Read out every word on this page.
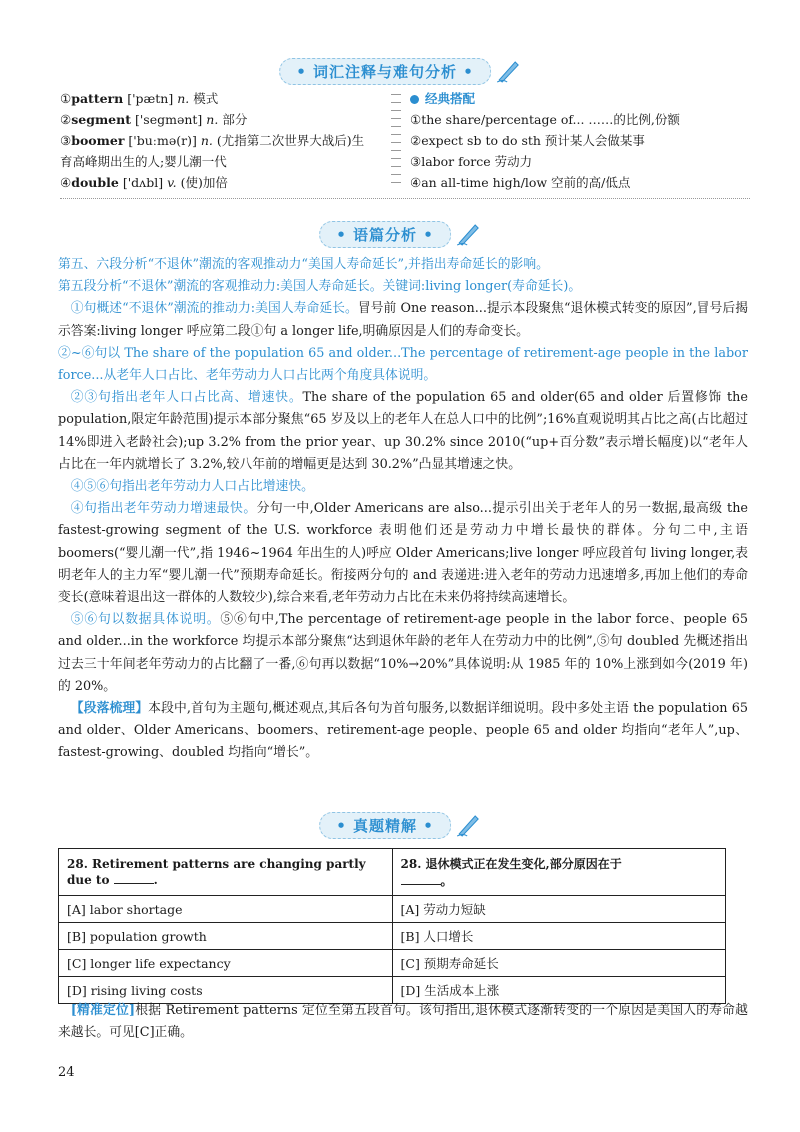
• 词汇注释与难句分析 •
①pattern ['pætn] n. 模式
②segment ['segmənt] n. 部分
③boomer ['buːmə(r)] n. (尤指第二次世界大战后)生
育高峰期出生的人;婴儿潮一代
④double ['dʌbl] v. (使)加倍
经典搭配
①the share/percentage of... ……的比例,份额
②expect sb to do sth 预计某人会做某事
③labor force 劳动力
④an all-time high/low 空前的高/低点
• 语篇分析 •
第五、六段分析“不退休”潮流的客观推动力“美国人寿命延长”,并指出寿命延长的影响。
第五段分析“不退休”潮流的客观推动力:美国人寿命延长。关键词:living longer(寿命延长)。
①句概述“不退休”潮流的推动力:美国人寿命延长。冒号前 One reason...提示本段聚焦“退休模式转变的原因”,冒号后揭示答案:living longer 呼应第二段①句 a longer life,明确原因是人们的寿命变长。
②~⑥句以 The share of the population 65 and older...The percentage of retirement-age people in the labor force...从老年人口占比、老年劳动力人口占比两个角度具体说明。
②③句指出老年人口占比高、增速快。The share of the population 65 and older(65 and older 后置修饰 the population,限定年龄范围)提示本部分聚焦“65 岁及以上的老年人在总人口中的比例”;16%直观说明其占比之高(占比超过 14%即进入老龄社会);up 3.2% from the prior year、up 30.2% since 2010(“up+百分数”表示增长幅度)以“老年人占比在一年内就增长了 3.2%,较八年前的增幅更是达到 30.2%”凸显其增速之快。
④⑤⑥句指出老年劳动力人口占比增速快。
④句指出老年劳动力增速最快。分句一中,Older Americans are also...提示引出关于老年人的另一数据,最高级 the fastest-growing segment of the U.S. workforce 表明他们还是劳动力中增长最快的群体。分句二中,主语 boomers(“婴儿潮一代”,指 1946~1964 年出生的人)呼应 Older Americans;live longer 呼应段首句 living longer,表明老年人的主力军“婴儿潮一代”预期寿命延长。衔接两分句的 and 表递进:进入老年的劳动力迅速增多,再加上他们的寿命变长(意味着退出这一群体的人数较少),综合来看,老年劳动力占比在未来仍将持续高速增长。
⑤⑥句以数据具体说明。⑤⑥句中,The percentage of retirement-age people in the labor force、people 65 and older...in the workforce 均提示本部分聚焦“达到退休年龄的老年人在劳动力中的比例”,⑤句 doubled 先概述指出过去三十年间老年劳动力的占比翻了一番,⑥句再以数据“10%→20%”具体说明:从 1985 年的 10%上涨到如今(2019 年)的 20%。
【段落梳理】本段中,首句为主题句,概述观点,其后各句为首句服务,以数据详细说明。段中多处主语 the population 65 and older、Older Americans、boomers、retirement-age people、people 65 and older 均指向“老年人”,up、fastest-growing、doubled 均指向“增长”。
• 真题精解 •
28. Retirement patterns are changing partly due to .	28. 退休模式正在发生变化,部分原因在于
。
[A] labor shortage	[A] 劳动力短缺
[B] population growth	[B] 人口增长
[C] longer life expectancy	[C] 预期寿命延长
[D] rising living costs	[D] 生活成本上涨
[精准定位]根据 Retirement patterns 定位至第五段首句。该句指出,退休模式逐渐转变的一个原因是美国人的寿命越来越长。可见[C]正确。
24
